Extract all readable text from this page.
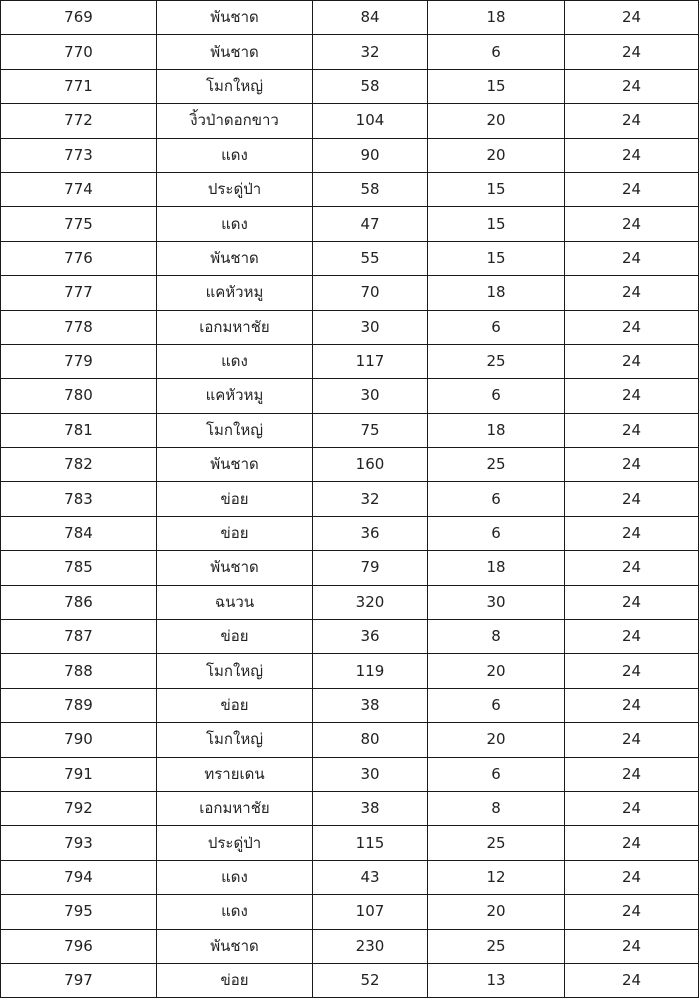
769	พันชาด	84	18	24
770	พันชาด	32	6	24
771	โมกใหญ่	58	15	24
772	งิ้วป่าดอกขาว	104	20	24
773	แดง	90	20	24
774	ประดู่ป่า	58	15	24
775	แดง	47	15	24
776	พันชาด	55	15	24
777	แคหัวหมู	70	18	24
778	เอกมหาชัย	30	6	24
779	แดง	117	25	24
780	แคหัวหมู	30	6	24
781	โมกใหญ่	75	18	24
782	พันชาด	160	25	24
783	ข่อย	32	6	24
784	ข่อย	36	6	24
785	พันชาด	79	18	24
786	ฉนวน	320	30	24
787	ข่อย	36	8	24
788	โมกใหญ่	119	20	24
789	ข่อย	38	6	24
790	โมกใหญ่	80	20	24
791	ทรายเดน	30	6	24
792	เอกมหาชัย	38	8	24
793	ประดู่ป่า	115	25	24
794	แดง	43	12	24
795	แดง	107	20	24
796	พันชาด	230	25	24
797	ข่อย	52	13	24
